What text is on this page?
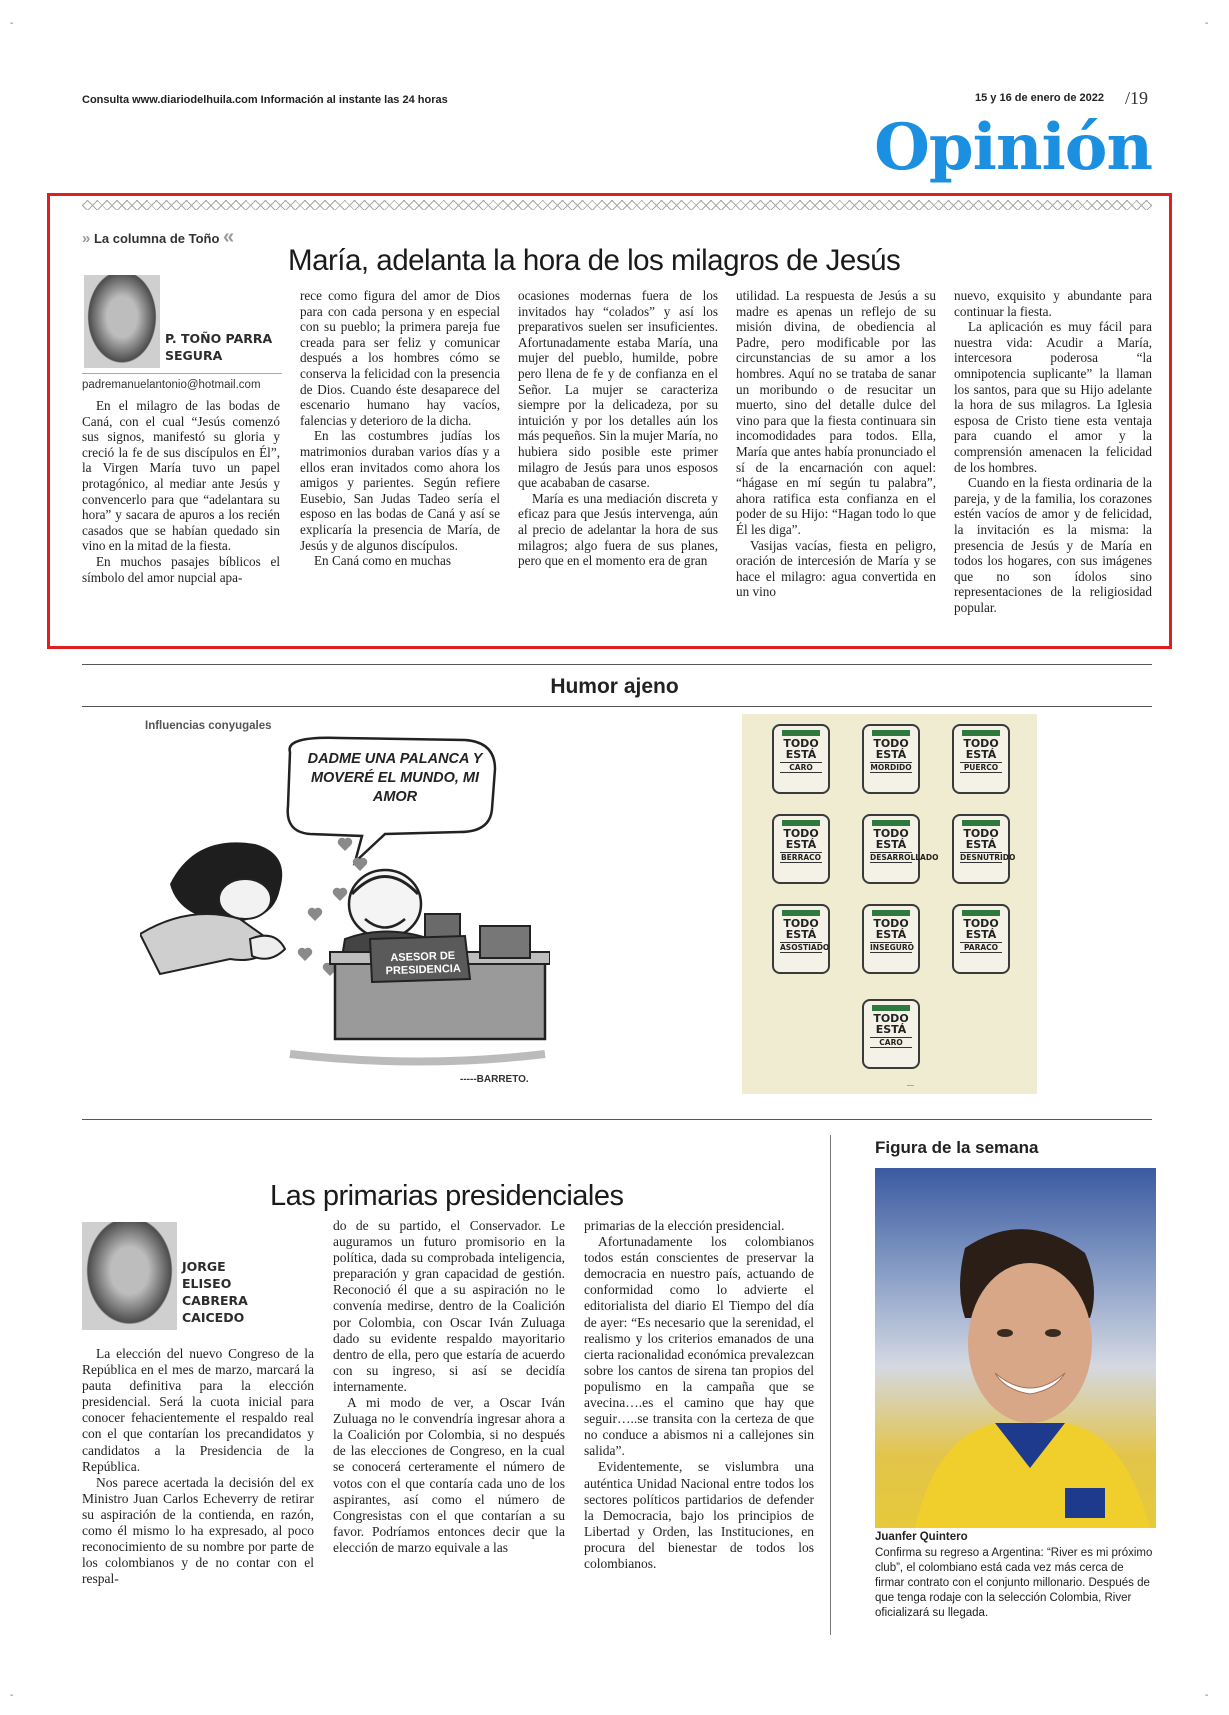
-	-
-	-
Consulta www.diariodelhuila.com Información al instante las 24 horas	15 y 16 de enero de 2022 /19
Opinión
» La columna de Toño «
María, adelanta la hora de los milagros de Jesús
P. TOÑO PARRA
SEGURA
padremanuelantonio@hotmail.com

En el milagro de las bodas de Caná, con el cual “Jesús comenzó sus signos, manifestó su gloria y creció la fe de sus discípulos en Él”, la Virgen María tuvo un papel protagónico, al mediar ante Jesús y convencerlo para que “adelantara su hora” y sacara de apuros a los recién casados que se habían quedado sin vino en la mitad de la fiesta.

En muchos pasajes bíblicos el símbolo del amor nupcial apa-

rece como figura del amor de Dios para con cada persona y en especial con su pueblo; la primera pareja fue creada para ser feliz y comunicar después a los hombres cómo se conserva la felicidad con la presencia de Dios. Cuando éste desaparece del escenario humano hay vacíos, falencias y deterioro de la dicha.

En las costumbres judías los matrimonios duraban varios días y a ellos eran invitados como ahora los amigos y parientes. Según refiere Eusebio, San Judas Tadeo sería el esposo en las bodas de Caná y así se explicaría la presencia de María, de Jesús y de algunos discípulos.

En Caná como en muchas

ocasiones modernas fuera de los invitados hay “colados” y así los preparativos suelen ser insuficientes. Afortunadamente estaba María, una mujer del pueblo, humilde, pobre pero llena de fe y de confianza en el Señor. La mujer se caracteriza siempre por la delicadeza, por su intuición y por los detalles aún los más pequeños. Sin la mujer María, no hubiera sido posible este primer milagro de Jesús para unos esposos que acababan de casarse.

María es una mediación discreta y eficaz para que Jesús intervenga, aún al precio de adelantar la hora de sus milagros; algo fuera de sus planes, pero que en el momento era de gran

utilidad. La respuesta de Jesús a su madre es apenas un reflejo de su misión divina, de obediencia al Padre, pero modificable por las circunstancias de su amor a los hombres. Aquí no se trataba de sanar un moribundo o de resucitar un muerto, sino del detalle dulce del vino para que la fiesta continuara sin incomodidades para todos. Ella, María que antes había pronunciado el sí de la encarnación con aquel: “hágase en mí según tu palabra”, ahora ratifica esta confianza en el poder de su Hijo: “Hagan todo lo que Él les diga”.

Vasijas vacías, fiesta en peligro, oración de intercesión de María y se hace el milagro: agua convertida en un vino

nuevo, exquisito y abundante para continuar la fiesta.

La aplicación es muy fácil para nuestra vida: Acudir a María, intercesora poderosa “la omnipotencia suplicante” la llaman los santos, para que su Hijo adelante la hora de sus milagros. La Iglesia esposa de Cristo tiene esta ventaja para cuando el amor y la comprensión amenacen la felicidad de los hombres.

Cuando en la fiesta ordinaria de la pareja, y de la familia, los corazones estén vacíos de amor y de felicidad, la invitación es la misma: la presencia de Jesús y de María en todos los hogares, con sus imágenes que no son ídolos sino representaciones de la religiosidad popular.

Humor ajeno
Influencias conyugales
DADME UNA PALANCA Y MOVERÉ EL MUNDO, MI AMOR
ASESOR DE PRESIDENCIA
-----BARRETO.
TODO
ESTÁ
CARO
TODO
ESTÁ
MORDIDO
TODO
ESTÁ
PUERCO
TODO
ESTÁ
BERRACO
TODO
ESTÁ
DESARROLLADO
TODO
ESTÁ
DESNUTRIDO
TODO
ESTÁ
ASOSTIADO
TODO
ESTÁ
INSEGURO
TODO
ESTÁ
PARACO
TODO
ESTÁ
CARO
—
Las primarias presidenciales
JORGE
ELISEO
CABRERA
CAICEDO

La elección del nuevo Congreso de la República en el mes de marzo, marcará la pauta definitiva para la elección presidencial. Será la cuota inicial para conocer fehacientemente el respaldo real con el que contarían los precandidatos y candidatos a la Presidencia de la República.

Nos parece acertada la decisión del ex Ministro Juan Carlos Echeverry de retirar su aspiración de la contienda, en razón, como él mismo lo ha expresado, al poco reconocimiento de su nombre por parte de los colombianos y de no contar con el respal-

do de su partido, el Conservador. Le auguramos un futuro promisorio en la política, dada su comprobada inteligencia, preparación y gran capacidad de gestión. Reconoció él que a su aspiración no le convenía medirse, dentro de la Coalición por Colombia, con Oscar Iván Zuluaga dado su evidente respaldo mayoritario dentro de ella, pero que estaría de acuerdo con su ingreso, si así se decidía internamente.

A mi modo de ver, a Oscar Iván Zuluaga no le convendría ingresar ahora a la Coalición por Colombia, si no después de las elecciones de Congreso, en la cual se conocerá certeramente el número de votos con el que contaría cada uno de los aspirantes, así como el número de Congresistas con el que contarían a su favor. Podríamos entonces decir que la elección de marzo equivale a las

primarias de la elección presidencial.

Afortunadamente los colombianos todos están conscientes de preservar la democracia en nuestro país, actuando de conformidad como lo advierte el editorialista del diario El Tiempo del día de ayer: “Es necesario que la serenidad, el realismo y los criterios emanados de una cierta racionalidad económica prevalezcan sobre los cantos de sirena tan propios del populismo en la campaña que se avecina….es el camino que hay que seguir…..se transita con la certeza de que no conduce a abismos ni a callejones sin salida”.

Evidentemente, se vislumbra una auténtica Unidad Nacional entre todos los sectores políticos partidarios de defender la Democracia, bajo los principios de Libertad y Orden, las Instituciones, en procura del bienestar de todos los colombianos.

Figura de la semana
Juanfer Quintero
Confirma su regreso a Argentina: “River es mi próximo club”, el colombiano está cada vez más cerca de firmar contrato con el conjunto millonario. Después de que tenga rodaje con la selección Colombia, River oficializará su llegada.
